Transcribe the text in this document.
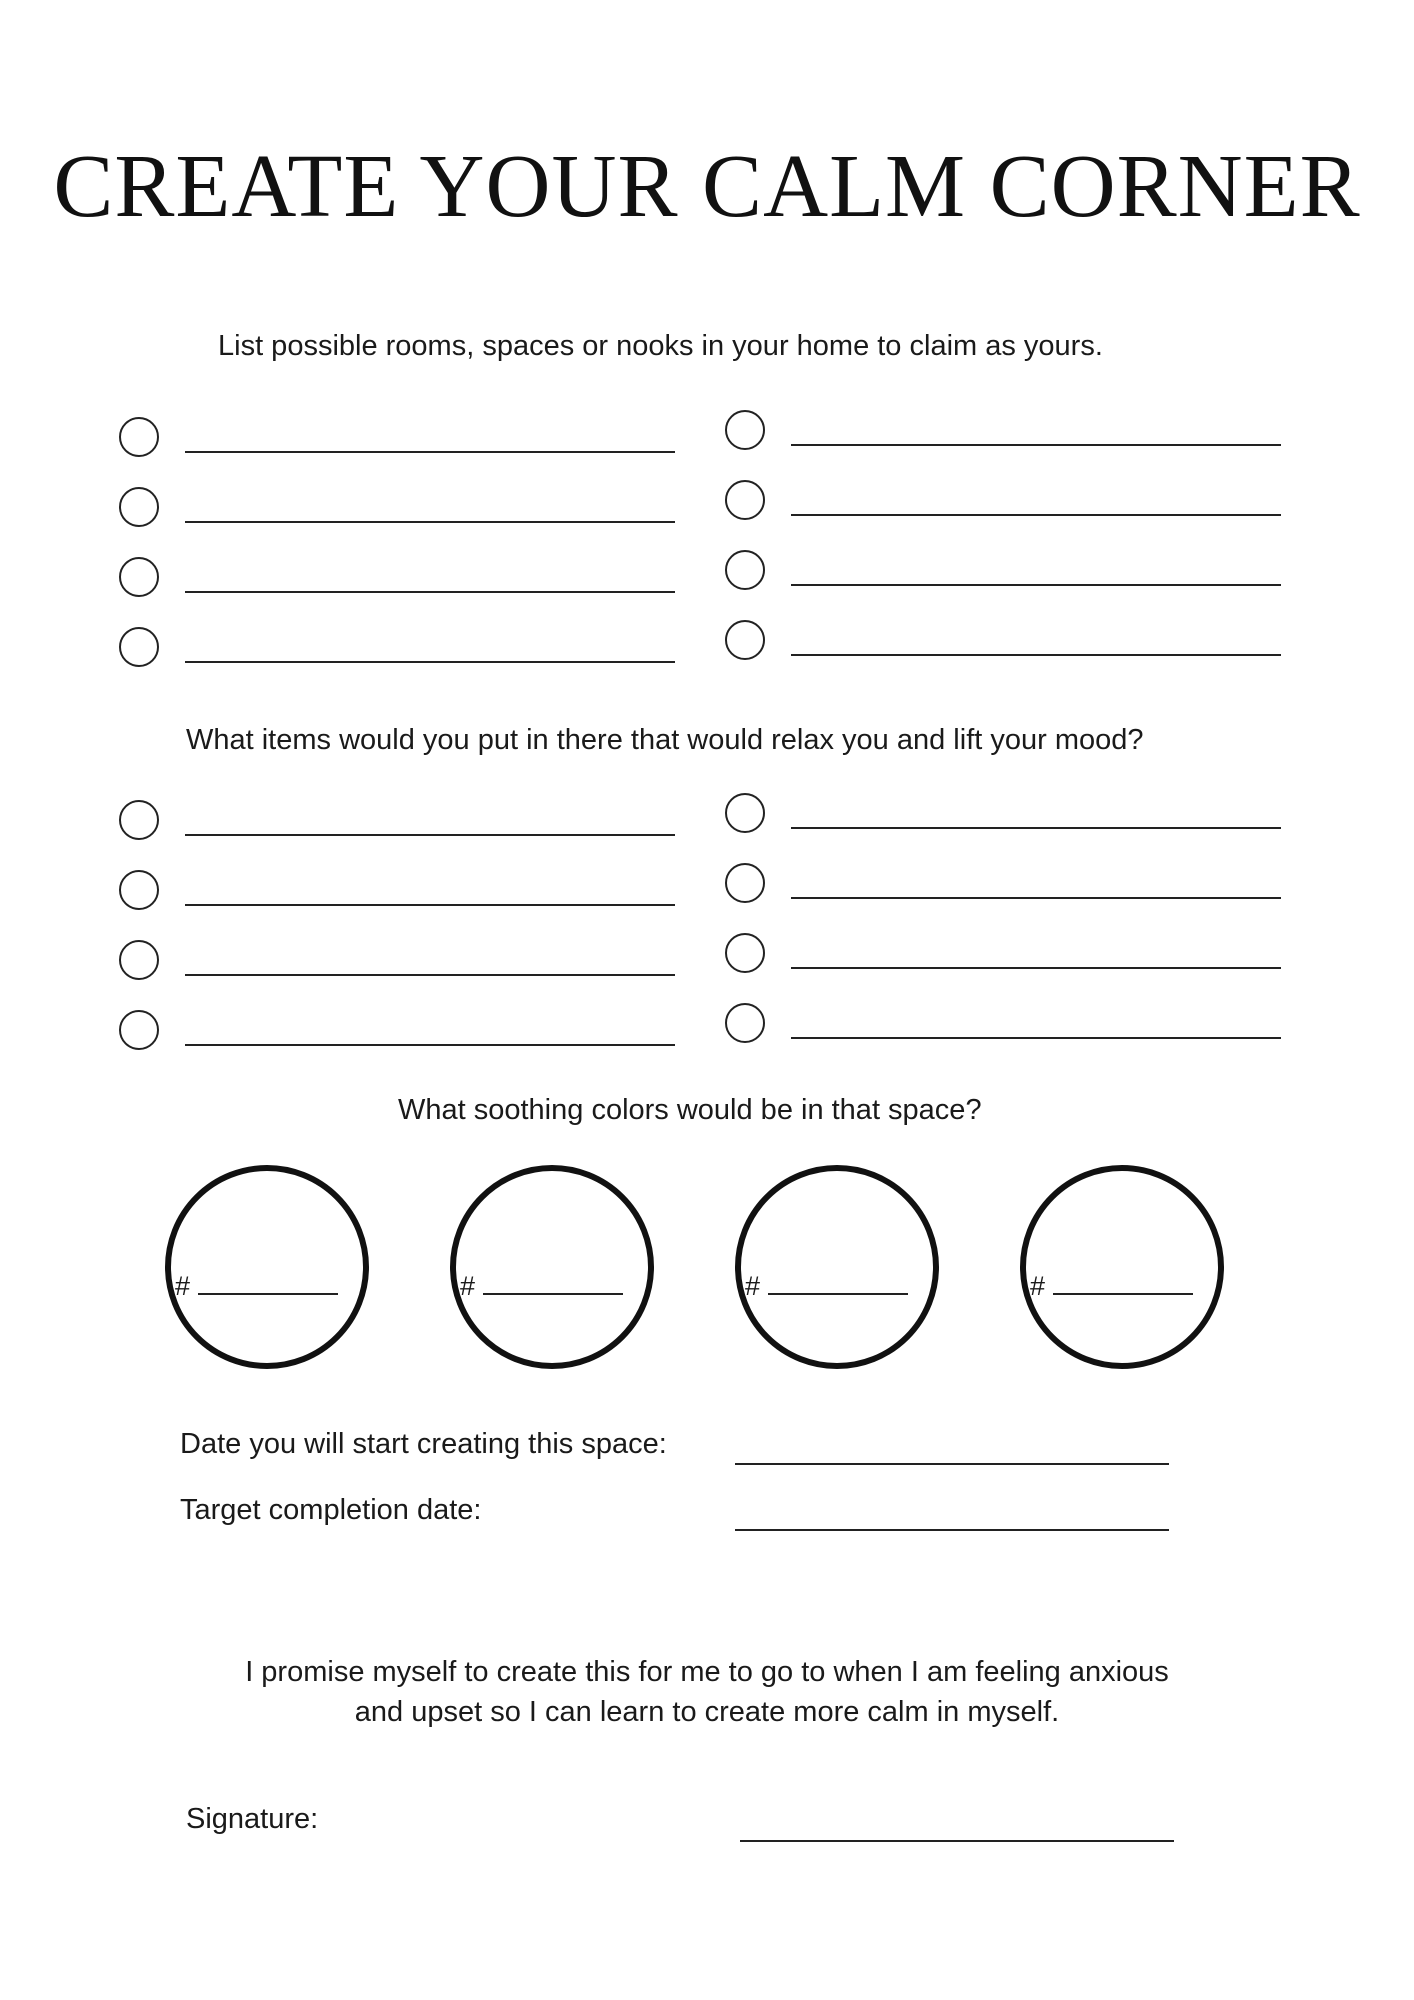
CREATE YOUR CALM CORNER
List possible rooms, spaces or nooks in your home to claim as yours.
What items would you put in there that would relax you and lift your mood?
What soothing colors would be in that space?
#	#	#	#
Date you will start creating this space:
Target completion date:
I promise myself to create this for me to go to when I am feeling anxious
and upset so I can learn to create more calm in myself.
Signature:
